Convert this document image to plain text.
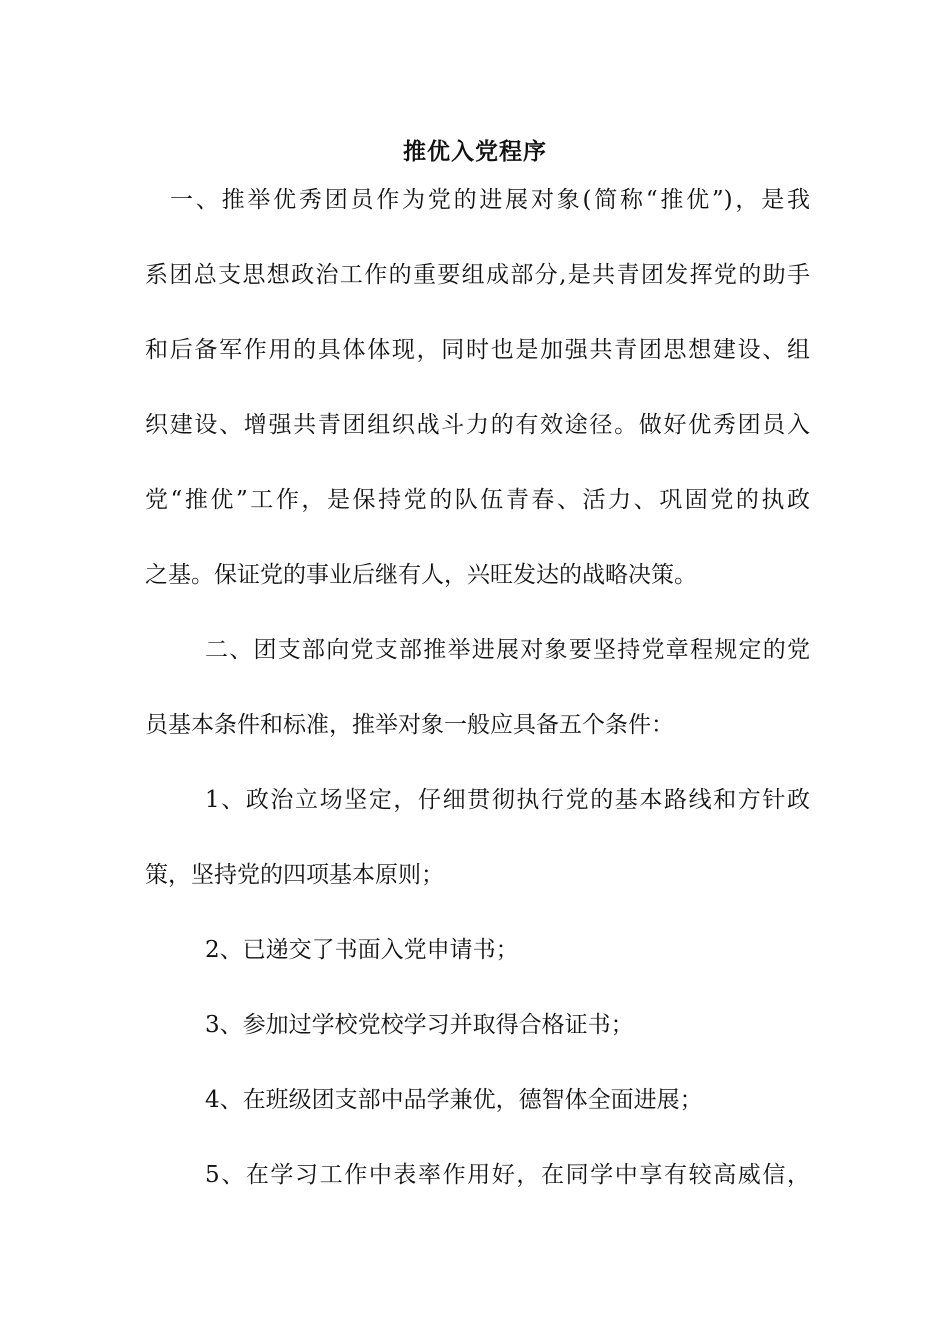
推优入党程序
一、推举优秀团员作为党的进展对象(简称“推优”)，是我
系团总支思想政治工作的重要组成部分,是共青团发挥党的助手
和后备军作用的具体体现，同时也是加强共青团思想建设、组
织建设、增强共青团组织战斗力的有效途径。做好优秀团员入
党“推优”工作，是保持党的队伍青春、活力、巩固党的执政
之基。保证党的事业后继有人，兴旺发达的战略决策。
二、团支部向党支部推举进展对象要坚持党章程规定的党
员基本条件和标准，推举对象一般应具备五个条件：
1、政治立场坚定，仔细贯彻执行党的基本路线和方针政
策，坚持党的四项基本原则；
2、已递交了书面入党申请书；
3、参加过学校党校学习并取得合格证书；
4、在班级团支部中品学兼优，德智体全面进展；
5、在学习工作中表率作用好，在同学中享有较高威信，
